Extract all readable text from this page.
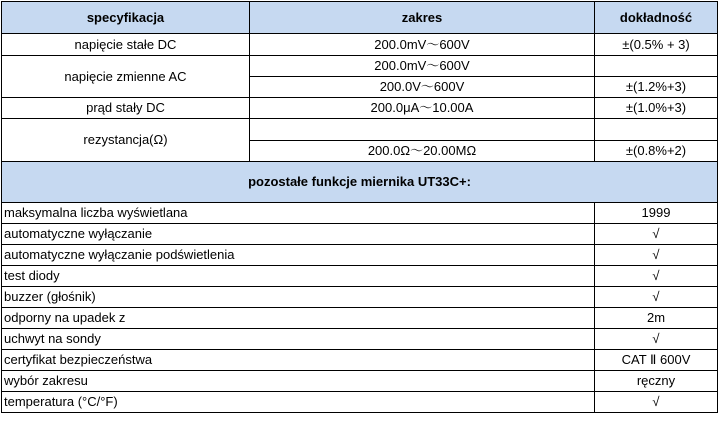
specyfikacja	zakres	dokładność
napięcie stałe DC	200.0mV～600V	±(0.5% + 3)
napięcie zmienne AC	200.0mV～600V	
	200.0V～600V	±(1.2%+3)
prąd stały DC	200.0μA～10.00A	±(1.0%+3)
rezystancja(Ω)		
	200.0Ω～20.00MΩ	±(0.8%+2)
pozostałe funkcje miernika UT33C+:		
maksymalna liczba wyświetlana		1999
automatyczne wyłączanie		√
automatyczne wyłączanie podświetlenia		√
test diody		√
buzzer (głośnik)		√
odporny na upadek z		2m
uchwyt na sondy		√
certyfikat bezpieczeństwa		CAT Ⅱ 600V
wybór zakresu		ręczny
temperatura (°C/°F)		√
